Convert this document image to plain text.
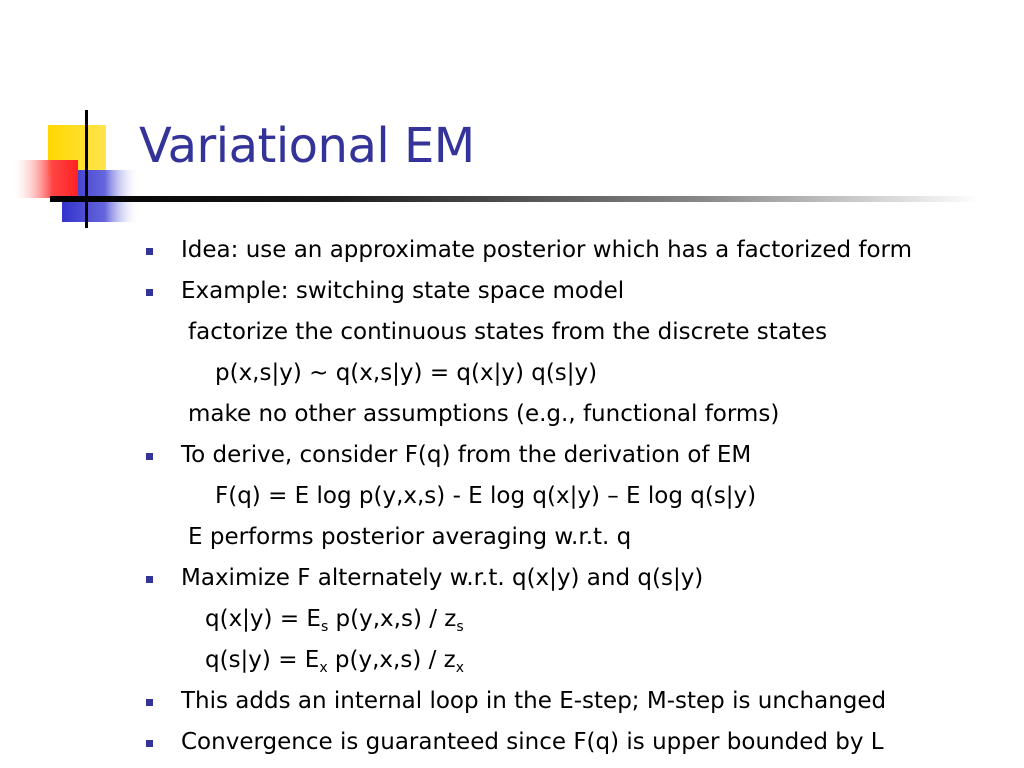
Variational EM
Idea: use an approximate posterior which has a factorized form
Example: switching state space model
factorize the continuous states from the discrete states
p(x,s|y) ~ q(x,s|y) = q(x|y) q(s|y)
make no other assumptions (e.g., functional forms)
To derive, consider F(q) from the derivation of EM
F(q) = E log p(y,x,s) - E log q(x|y) – E log q(s|y)
E performs posterior averaging w.r.t. q
Maximize F alternately w.r.t. q(x|y) and q(s|y)
$q(x|y) = E_s$ $p(y,x,s) / z_s$
$q(s|y) = E_x$ $p(y,x,s) / z_x$
This adds an internal loop in the E-step; M-step is unchanged
Convergence is guaranteed since F(q) is upper bounded by L
